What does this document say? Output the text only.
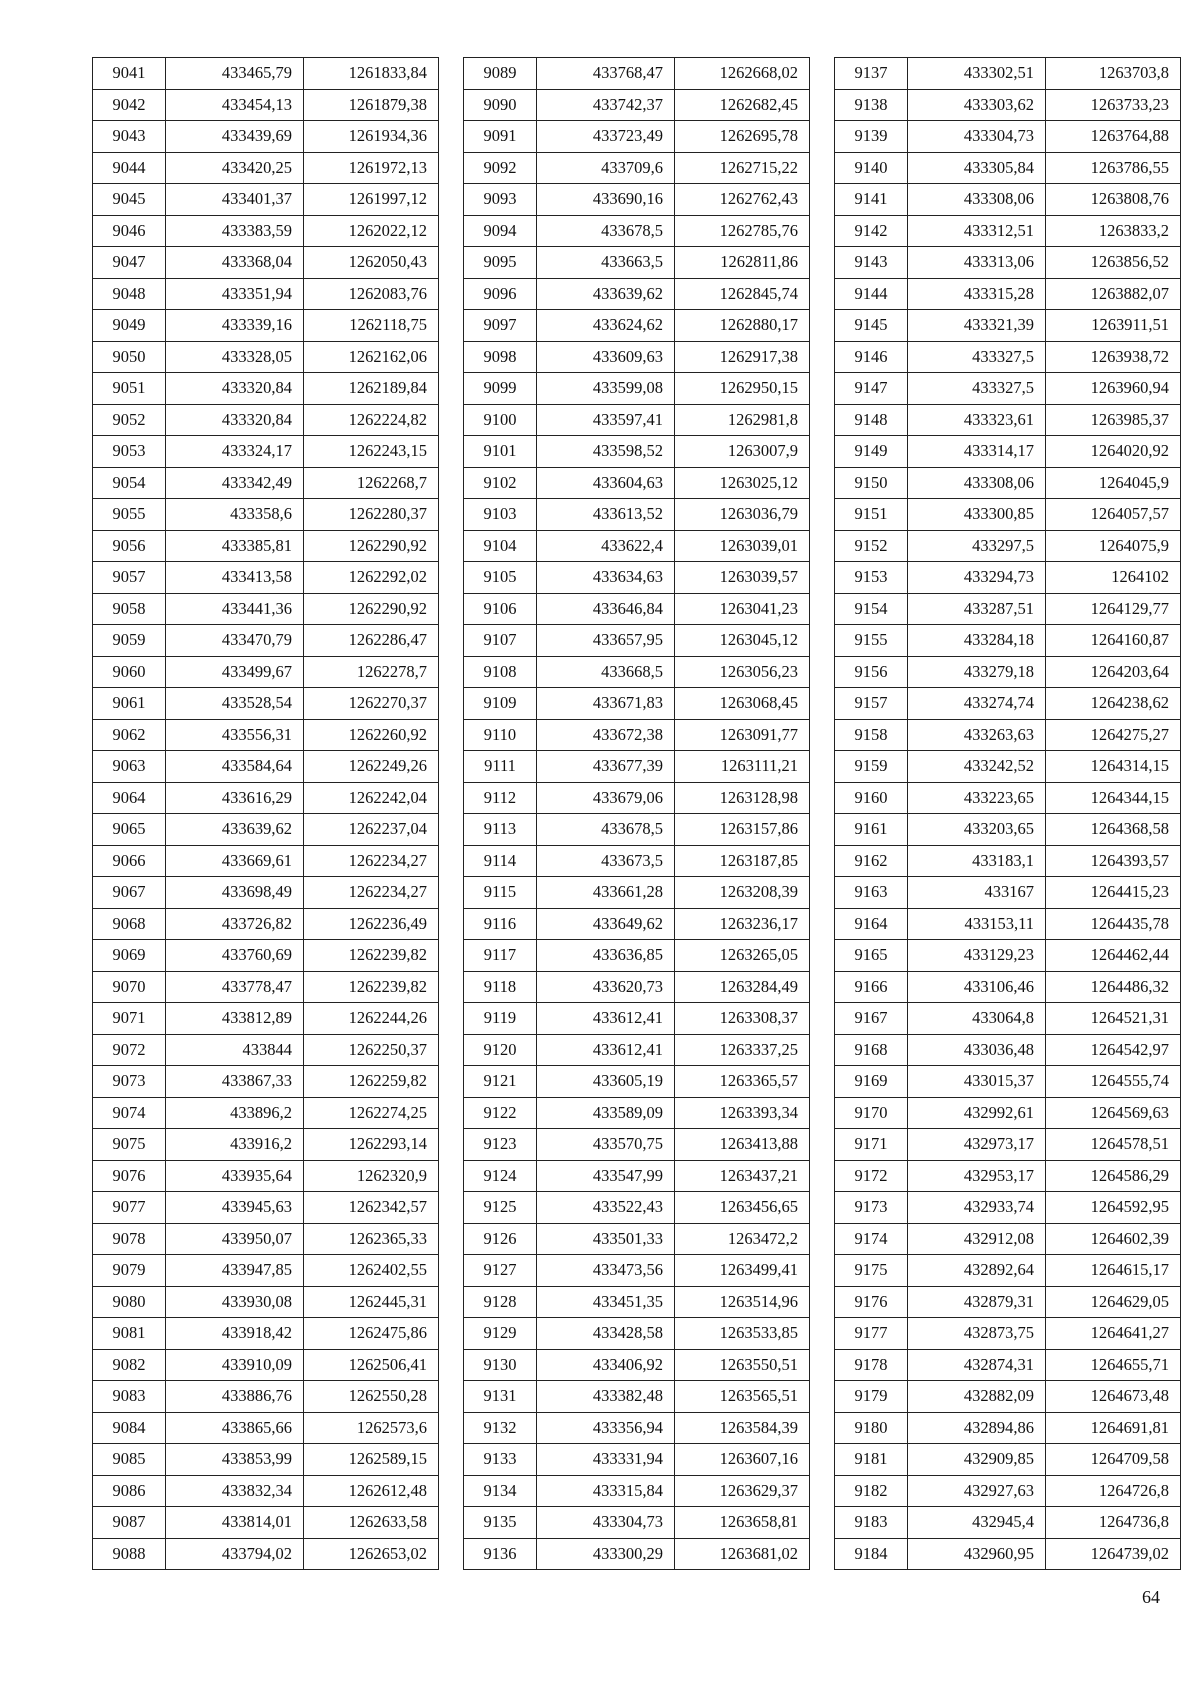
9041	433465,79	1261833,84
9042	433454,13	1261879,38
9043	433439,69	1261934,36
9044	433420,25	1261972,13
9045	433401,37	1261997,12
9046	433383,59	1262022,12
9047	433368,04	1262050,43
9048	433351,94	1262083,76
9049	433339,16	1262118,75
9050	433328,05	1262162,06
9051	433320,84	1262189,84
9052	433320,84	1262224,82
9053	433324,17	1262243,15
9054	433342,49	1262268,7
9055	433358,6	1262280,37
9056	433385,81	1262290,92
9057	433413,58	1262292,02
9058	433441,36	1262290,92
9059	433470,79	1262286,47
9060	433499,67	1262278,7
9061	433528,54	1262270,37
9062	433556,31	1262260,92
9063	433584,64	1262249,26
9064	433616,29	1262242,04
9065	433639,62	1262237,04
9066	433669,61	1262234,27
9067	433698,49	1262234,27
9068	433726,82	1262236,49
9069	433760,69	1262239,82
9070	433778,47	1262239,82
9071	433812,89	1262244,26
9072	433844	1262250,37
9073	433867,33	1262259,82
9074	433896,2	1262274,25
9075	433916,2	1262293,14
9076	433935,64	1262320,9
9077	433945,63	1262342,57
9078	433950,07	1262365,33
9079	433947,85	1262402,55
9080	433930,08	1262445,31
9081	433918,42	1262475,86
9082	433910,09	1262506,41
9083	433886,76	1262550,28
9084	433865,66	1262573,6
9085	433853,99	1262589,15
9086	433832,34	1262612,48
9087	433814,01	1262633,58
9088	433794,02	1262653,02
9089	433768,47	1262668,02
9090	433742,37	1262682,45
9091	433723,49	1262695,78
9092	433709,6	1262715,22
9093	433690,16	1262762,43
9094	433678,5	1262785,76
9095	433663,5	1262811,86
9096	433639,62	1262845,74
9097	433624,62	1262880,17
9098	433609,63	1262917,38
9099	433599,08	1262950,15
9100	433597,41	1262981,8
9101	433598,52	1263007,9
9102	433604,63	1263025,12
9103	433613,52	1263036,79
9104	433622,4	1263039,01
9105	433634,63	1263039,57
9106	433646,84	1263041,23
9107	433657,95	1263045,12
9108	433668,5	1263056,23
9109	433671,83	1263068,45
9110	433672,38	1263091,77
9111	433677,39	1263111,21
9112	433679,06	1263128,98
9113	433678,5	1263157,86
9114	433673,5	1263187,85
9115	433661,28	1263208,39
9116	433649,62	1263236,17
9117	433636,85	1263265,05
9118	433620,73	1263284,49
9119	433612,41	1263308,37
9120	433612,41	1263337,25
9121	433605,19	1263365,57
9122	433589,09	1263393,34
9123	433570,75	1263413,88
9124	433547,99	1263437,21
9125	433522,43	1263456,65
9126	433501,33	1263472,2
9127	433473,56	1263499,41
9128	433451,35	1263514,96
9129	433428,58	1263533,85
9130	433406,92	1263550,51
9131	433382,48	1263565,51
9132	433356,94	1263584,39
9133	433331,94	1263607,16
9134	433315,84	1263629,37
9135	433304,73	1263658,81
9136	433300,29	1263681,02
9137	433302,51	1263703,8
9138	433303,62	1263733,23
9139	433304,73	1263764,88
9140	433305,84	1263786,55
9141	433308,06	1263808,76
9142	433312,51	1263833,2
9143	433313,06	1263856,52
9144	433315,28	1263882,07
9145	433321,39	1263911,51
9146	433327,5	1263938,72
9147	433327,5	1263960,94
9148	433323,61	1263985,37
9149	433314,17	1264020,92
9150	433308,06	1264045,9
9151	433300,85	1264057,57
9152	433297,5	1264075,9
9153	433294,73	1264102
9154	433287,51	1264129,77
9155	433284,18	1264160,87
9156	433279,18	1264203,64
9157	433274,74	1264238,62
9158	433263,63	1264275,27
9159	433242,52	1264314,15
9160	433223,65	1264344,15
9161	433203,65	1264368,58
9162	433183,1	1264393,57
9163	433167	1264415,23
9164	433153,11	1264435,78
9165	433129,23	1264462,44
9166	433106,46	1264486,32
9167	433064,8	1264521,31
9168	433036,48	1264542,97
9169	433015,37	1264555,74
9170	432992,61	1264569,63
9171	432973,17	1264578,51
9172	432953,17	1264586,29
9173	432933,74	1264592,95
9174	432912,08	1264602,39
9175	432892,64	1264615,17
9176	432879,31	1264629,05
9177	432873,75	1264641,27
9178	432874,31	1264655,71
9179	432882,09	1264673,48
9180	432894,86	1264691,81
9181	432909,85	1264709,58
9182	432927,63	1264726,8
9183	432945,4	1264736,8
9184	432960,95	1264739,02
64
